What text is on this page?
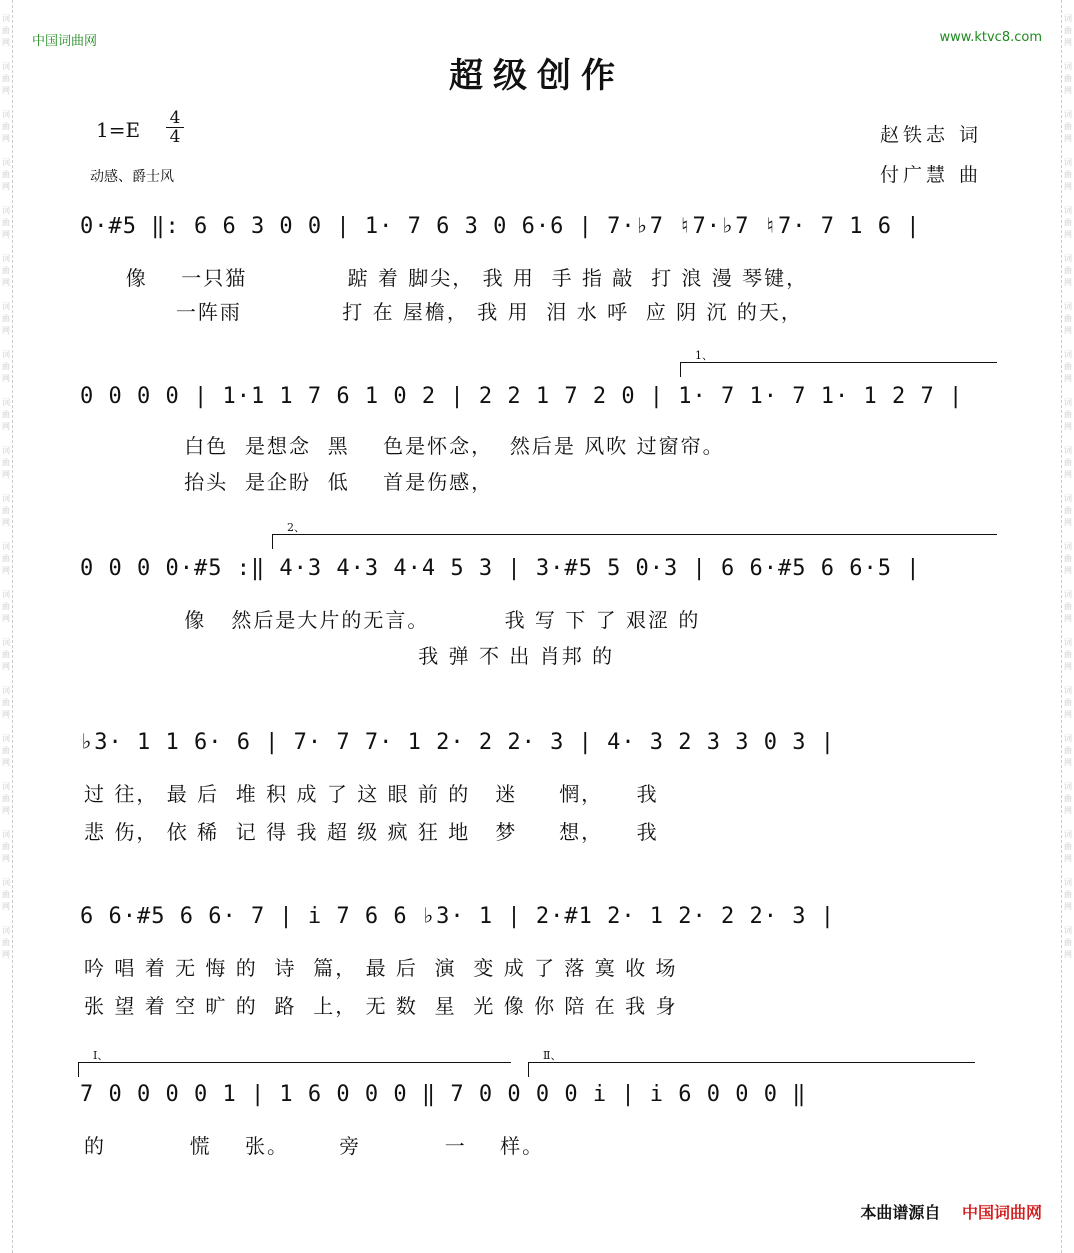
词
曲
网
词
曲
网
词
曲
网
词
曲
网
词
曲
网
词
曲
网
词
曲
网
词
曲
网
词
曲
网
词
曲
网
词
曲
网
词
曲
网
词
曲
网
词
曲
网
词
曲
网
词
曲
网
词
曲
网
词
曲
网
词
曲
网
词
曲
网
词
曲
网
词
曲
网
词
曲
网
词
曲
网
词
曲
网
词
曲
网
词
曲
网
词
曲
网
词
曲
网
词
曲
网
词
曲
网
词
曲
网
词
曲
网
词
曲
网
词
曲
网
词
曲
网
词
曲
网
词
曲
网
词
曲
网
词
曲
网
中国词曲网	www.ktvc8.com
超级创作
1=E 4
4
动感、爵士风
赵铁志 词
付广慧 曲
0·#5 ‖: 6 6 3 0 0 | 1· 7 6 3 0 6·6 | 7·♭7 ♮7·♭7 ♮7· 7 1 6 |
像    一只猫            踮 着 脚尖， 我 用  手 指 敲  打 浪 漫 琴键，
一阵雨            打 在 屋檐， 我 用  泪 水 呼  应 阴 沉 的天，
1、
0 0 0 0 | 1·1 1 7 6 1 0 2 | 2 2 1 7 2 0 | 1· 7 1· 7 1· 1 2 7 |
白色  是想念  黑    色是怀念，  然后是 风吹 过窗帘。
抬头  是企盼  低    首是伤感，
2、
0 0 0 0·#5 :‖ 4·3 4·3 4·4 5 3 | 3·#5 5 0·3 | 6 6·#5 6 6·5 |
像   然后是大片的无言。         我 写 下 了 艰涩 的
我 弹 不 出 肖邦 的
♭3· 1 1 6· 6 | 7· 7 7· 1 2· 2 2· 3 | 4· 3 2 3 3 0 3 |
过 往， 最 后  堆 积 成 了 这 眼 前 的   迷     惘，    我
悲 伤， 依 稀  记 得 我 超 级 疯 狂 地   梦     想，    我
6 6·#5 6 6· 7 | i 7 6 6 ♭3· 1 | 2·#1 2· 1 2· 2 2· 3 |
吟 唱 着 无 悔 的  诗  篇， 最 后  演  变 成 了 落 寞 收 场
张 望 着 空 旷 的  路  上， 无 数  星  光 像 你 陪 在 我 身
Ⅰ、	Ⅱ、
7 0 0 0 0 1 | 1 6 0 0 0 ‖ 7 0 0 0 0 i | i 6 0 0 0 ‖
的          慌    张。      旁          一    样。
本曲谱源自 中国词曲网
